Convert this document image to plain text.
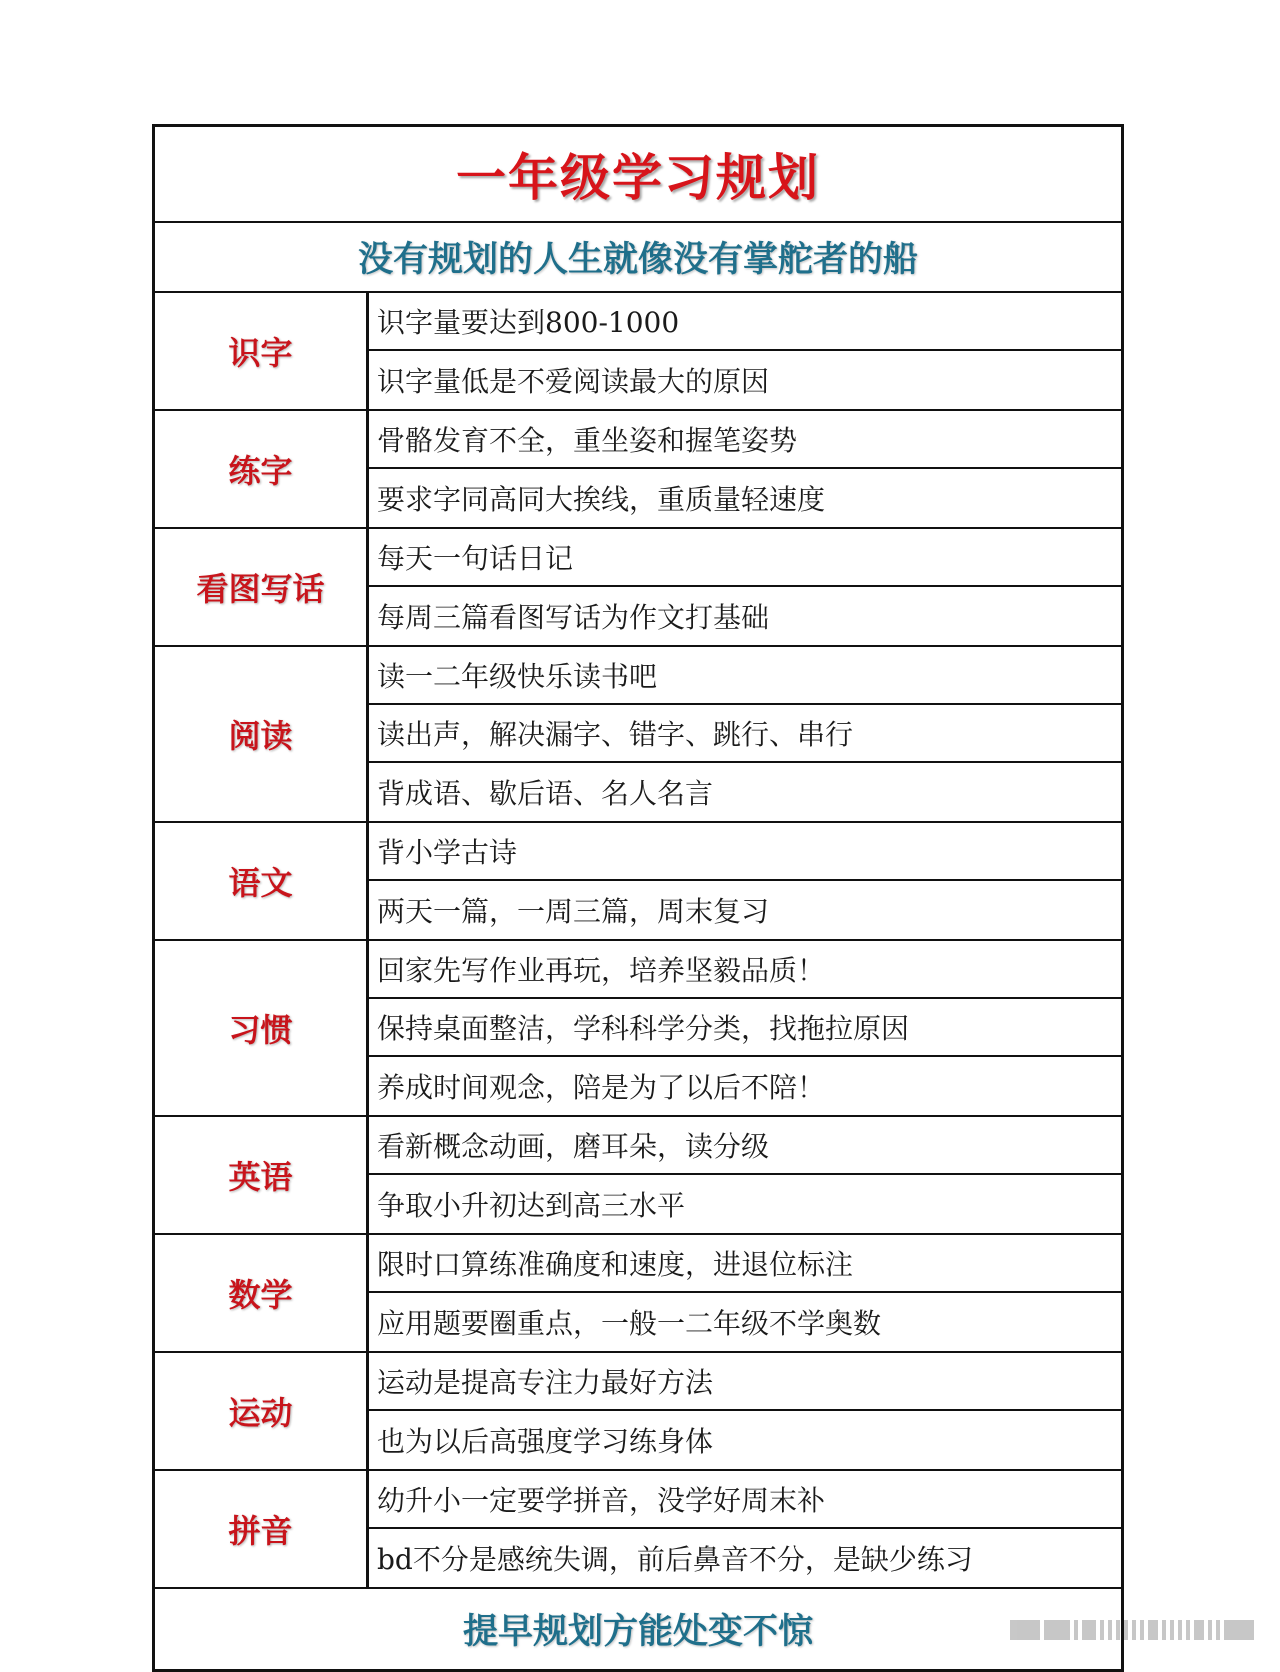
一年级学习规划
没有规划的人生就像没有掌舵者的船
识字
识字量要达到800-1000
识字量低是不爱阅读最大的原因
练字
骨骼发育不全，重坐姿和握笔姿势
要求字同高同大挨线，重质量轻速度
看图写话
每天一句话日记
每周三篇看图写话为作文打基础
阅读
读一二年级快乐读书吧
读出声，解决漏字、错字、跳行、串行
背成语、歇后语、名人名言
语文
背小学古诗
两天一篇，一周三篇，周末复习
习惯
回家先写作业再玩，培养坚毅品质！
保持桌面整洁，学科科学分类，找拖拉原因
养成时间观念，陪是为了以后不陪！
英语
看新概念动画，磨耳朵，读分级
争取小升初达到高三水平
数学
限时口算练准确度和速度，进退位标注
应用题要圈重点，一般一二年级不学奥数
运动
运动是提高专注力最好方法
也为以后高强度学习练身体
拼音
幼升小一定要学拼音，没学好周末补
bd不分是感统失调，前后鼻音不分，是缺少练习
提早规划方能处变不惊
